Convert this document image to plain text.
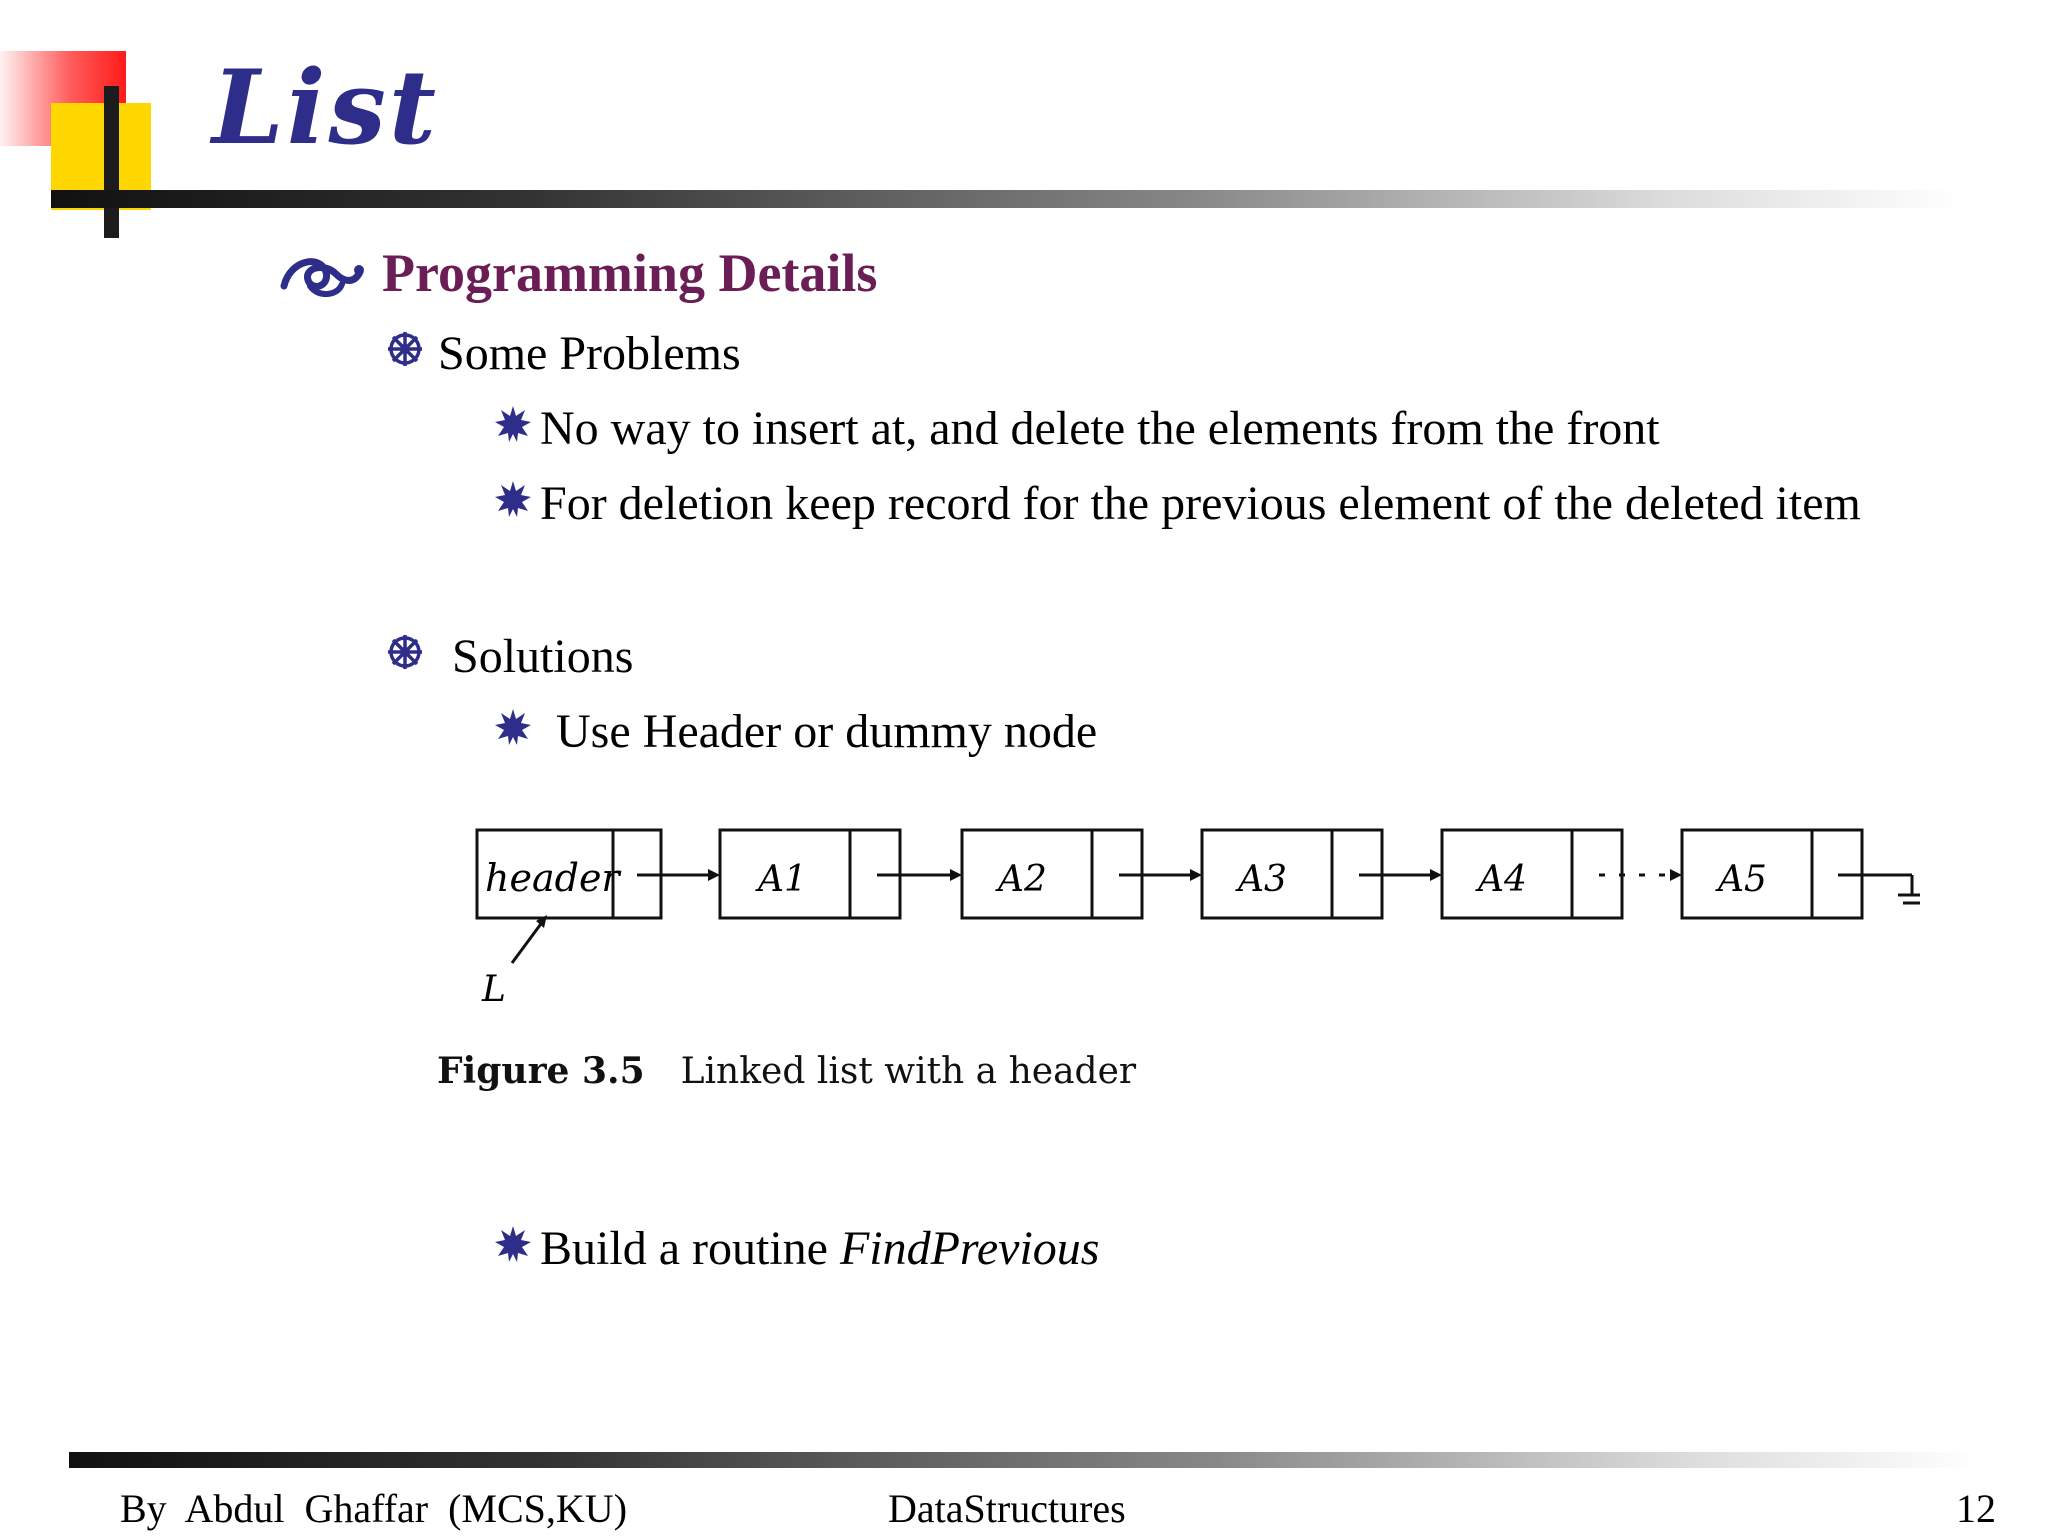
List
Programming Details
Some Problems
No way to insert at, and delete the elements from the front
For deletion keep record for the previous element of the deleted item
Solutions
Use Header or dummy node
header	A1	A2	A3	A4	A5
L
Figure 3.5 Linked list with a header
Build a routine FindPrevious
By  Abdul  Ghaffar  (MCS,KU)	DataStructures	12
